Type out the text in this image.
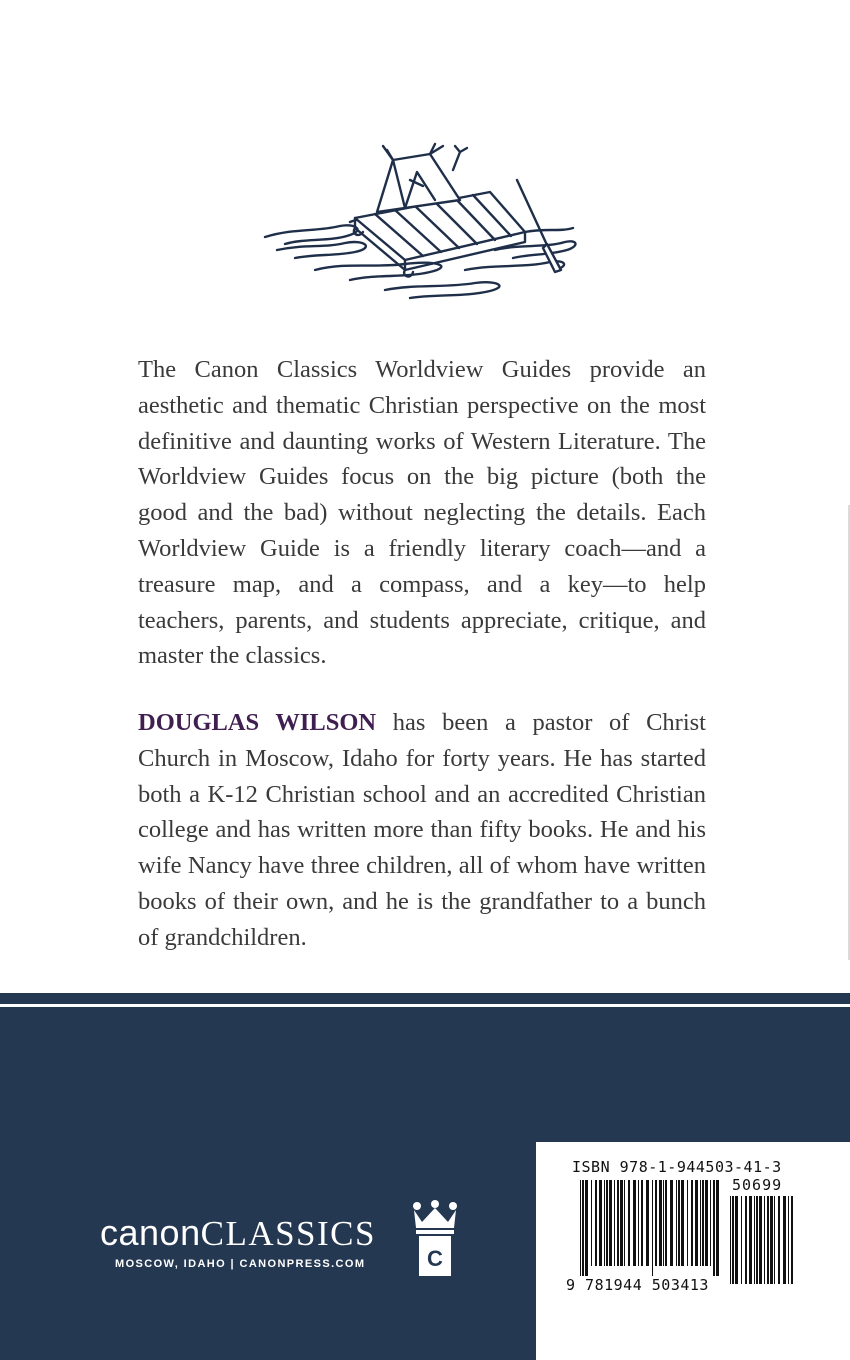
The Canon Classics Worldview Guides provide an aesthetic and thematic Christian perspective on the most definitive and daunting works of Western Literature. The Worldview Guides focus on the big picture (both the good and the bad) without neglecting the details. Each Worldview Guide is a friendly literary coach—and a treasure map, and a compass, and a key—to help teachers, parents, and students appreciate, critique, and master the classics.

DOUGLAS WILSON has been a pastor of Christ Church in Moscow, Idaho for forty years. He has started both a K-12 Christian school and an accredited Christian college and has written more than fifty books. He and his wife Nancy have three children, all of whom have written books of their own, and he is the grandfather to a bunch of grandchildren.

canonCLASSICS
MOSCOW, IDAHO | CANONPRESS.COM	C
ISBN 978-1-944503-41-3
50699
9 781944 503413
